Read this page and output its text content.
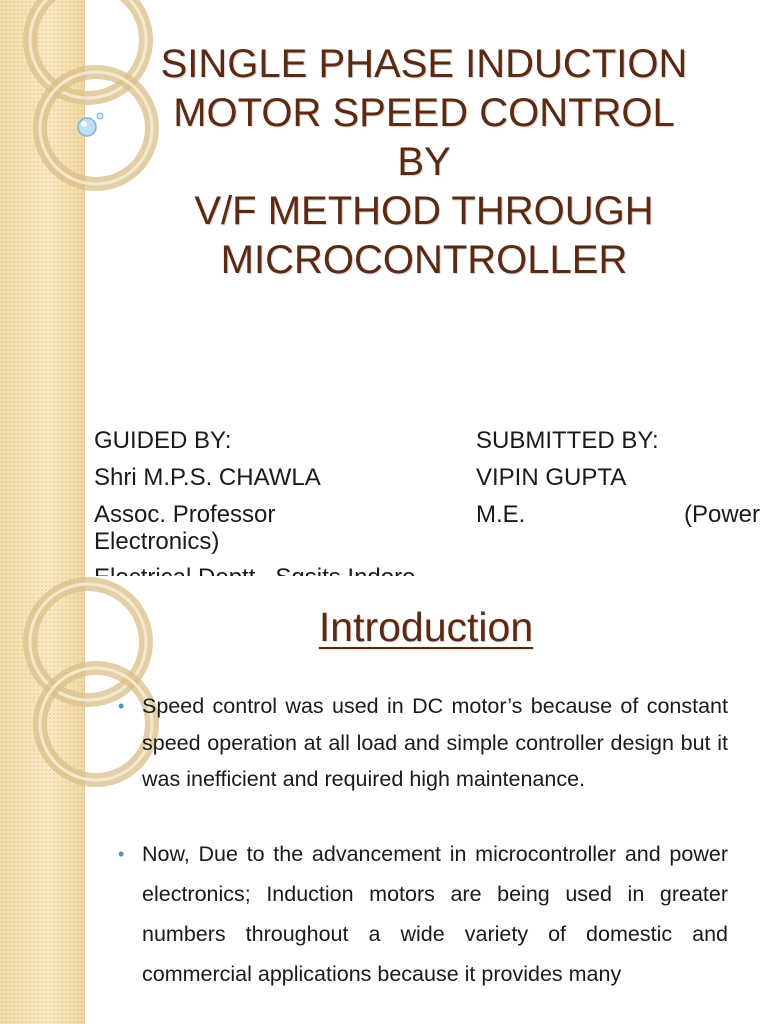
SINGLE PHASE INDUCTION
MOTOR SPEED CONTROL
BY
V/F METHOD THROUGH
MICROCONTROLLER
GUIDED BY:
Shri M.P.S. CHAWLA
Assoc. Professor
SUBMITTED BY:
VIPIN GUPTA
M.E.	(Power
Electronics)
Introduction
• Speed control was used in DC motor’s because of constant speed operation at all load and simple controller design but it was inefficient and required high maintenance.
• Now, Due to the advancement in microcontroller and power electronics; Induction motors are being used in greater numbers throughout a wide variety of domestic and commercial applications because it provides many
